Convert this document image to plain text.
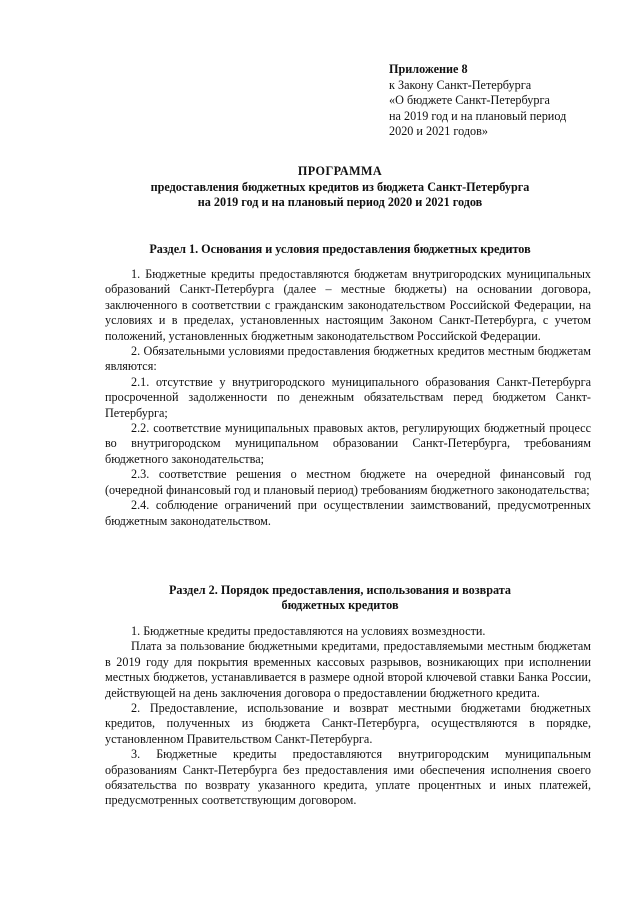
Приложение 8
к Закону Санкт-Петербурга
«О бюджете Санкт-Петербурга
на 2019 год и на плановый период
2020 и 2021 годов»
ПРОГРАММА
предоставления бюджетных кредитов из бюджета Санкт-Петербурга
на 2019 год и на плановый период 2020 и 2021 годов
Раздел 1. Основания и условия предоставления бюджетных кредитов

1. Бюджетные кредиты предоставляются бюджетам внутригородских муниципальных образований Санкт-Петербурга (далее – местные бюджеты) на основании договора, заключенного в соответствии с гражданским законодательством Российской Федерации, на условиях и в пределах, установленных настоящим Законом Санкт-Петербурга, с учетом положений, установленных бюджетным законодательством Российской Федерации.

2. Обязательными условиями предоставления бюджетных кредитов местным бюджетам являются:

2.1. отсутствие у внутригородского муниципального образования Санкт-Петербурга просроченной задолженности по денежным обязательствам перед бюджетом Санкт-Петербурга;

2.2. соответствие муниципальных правовых актов, регулирующих бюджетный процесс во внутригородском муниципальном образовании Санкт-Петербурга, требованиям бюджетного законодательства;

2.3. соответствие решения о местном бюджете на очередной финансовый год (очередной финансовый год и плановый период) требованиям бюджетного законодательства;

2.4. соблюдение ограничений при осуществлении заимствований, предусмотренных бюджетным законодательством.

Раздел 2. Порядок предоставления, использования и возврата
бюджетных кредитов

1. Бюджетные кредиты предоставляются на условиях возмездности.

Плата за пользование бюджетными кредитами, предоставляемыми местным бюджетам в 2019 году для покрытия временных кассовых разрывов, возникающих при исполнении местных бюджетов, устанавливается в размере одной второй ключевой ставки Банка России, действующей на день заключения договора о предоставлении бюджетного кредита.

2. Предоставление, использование и возврат местными бюджетами бюджетных кредитов, полученных из бюджета Санкт-Петербурга, осуществляются в порядке, установленном Правительством Санкт-Петербурга.

3. Бюджетные кредиты предоставляются внутригородским муниципальным образованиям Санкт-Петербурга без предоставления ими обеспечения исполнения своего обязательства по возврату указанного кредита, уплате процентных и иных платежей, предусмотренных соответствующим договором.
